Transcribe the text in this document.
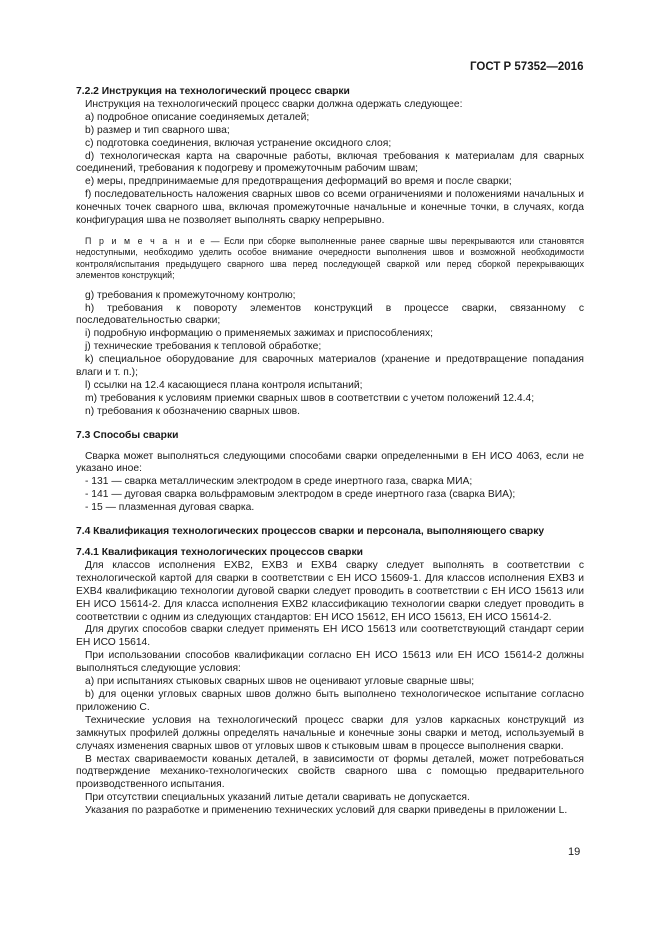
ГОСТ Р 57352—2016

7.2.2 Инструкция на технологический процесс сварки

Инструкция на технологический процесс сварки должна одержать следующее:

a) подробное описание соединяемых деталей;

b) размер и тип сварного шва;

c) подготовка соединения, включая устранение оксидного слоя;

d) технологическая карта на сварочные работы, включая требования к материалам для сварных соединений, требования к подогреву и промежуточным рабочим швам;

e) меры, предпринимаемые для предотвращения деформаций во время и после сварки;

f) последовательность наложения сварных швов со всеми ограничениями и положениями начальных и конечных точек сварного шва, включая промежуточные начальные и конечные точки, в случаях, когда конфигурация шва не позволяет выполнять сварку непрерывно.

П р и м е ч а н и е — Если при сборке выполненные ранее сварные швы перекрываются или становятся недоступными, необходимо уделить особое внимание очередности выполнения швов и возможной необходимости контроля/испытания предыдущего сварного шва перед последующей сваркой или перед сборкой перекрывающих элементов конструкций;

g) требования к промежуточному контролю;

h) требования к повороту элементов конструкций в процессе сварки, связанному с последовательностью сварки;

i) подробную информацию о применяемых зажимах и приспособлениях;

j) технические требования к тепловой обработке;

k) специальное оборудование для сварочных материалов (хранение и предотвращение попадания влаги и т. п.);

l) ссылки на 12.4 касающиеся плана контроля испытаний;

m) требования к условиям приемки сварных швов в соответствии с учетом положений 12.4.4;

n) требования к обозначению сварных швов.

7.3 Способы сварки

Сварка может выполняться следующими способами сварки определенными в ЕН ИСО 4063, если не указано иное:

- 131 — сварка металлическим электродом в среде инертного газа, сварка МИА;

- 141 — дуговая сварка вольфрамовым электродом в среде инертного газа (сварка ВИА);

- 15 — плазменная дуговая сварка.

7.4 Квалификация технологических процессов сварки и персонала, выполняющего сварку

7.4.1 Квалификация технологических процессов сварки

Для классов исполнения EXB2, EXB3 и EXB4 сварку следует выполнять в соответствии с технологической картой для сварки в соответствии с ЕН ИСО 15609-1. Для классов исполнения EXB3 и EXB4 квалификацию технологии дуговой сварки следует проводить в соответствии с ЕН ИСО 15613 или ЕН ИСО 15614-2. Для класса исполнения EXB2 классификацию технологии сварки следует проводить в соответствии с одним из следующих стандартов: ЕН ИСО 15612, ЕН ИСО 15613, ЕН ИСО 15614-2.

Для других способов сварки следует применять ЕН ИСО 15613 или соответствующий стандарт серии ЕН ИСО 15614.

При использовании способов квалификации согласно ЕН ИСО 15613 или ЕН ИСО 15614-2 должны выполняться следующие условия:

a) при испытаниях стыковых сварных швов не оценивают угловые сварные швы;

b) для оценки угловых сварных швов должно быть выполнено технологическое испытание согласно приложению С.

Технические условия на технологический процесс сварки для узлов каркасных конструкций из замкнутых профилей должны определять начальные и конечные зоны сварки и метод, используемый в случаях изменения сварных швов от угловых швов к стыковым швам в процессе выполнения сварки.

В местах свариваемости кованых деталей, в зависимости от формы деталей, может потребоваться подтверждение механико-технологических свойств сварного шва с помощью предварительного производственного испытания.

При отсутствии специальных указаний литые детали сваривать не допускается.

Указания по разработке и применению технических условий для сварки приведены в приложении L.

19
